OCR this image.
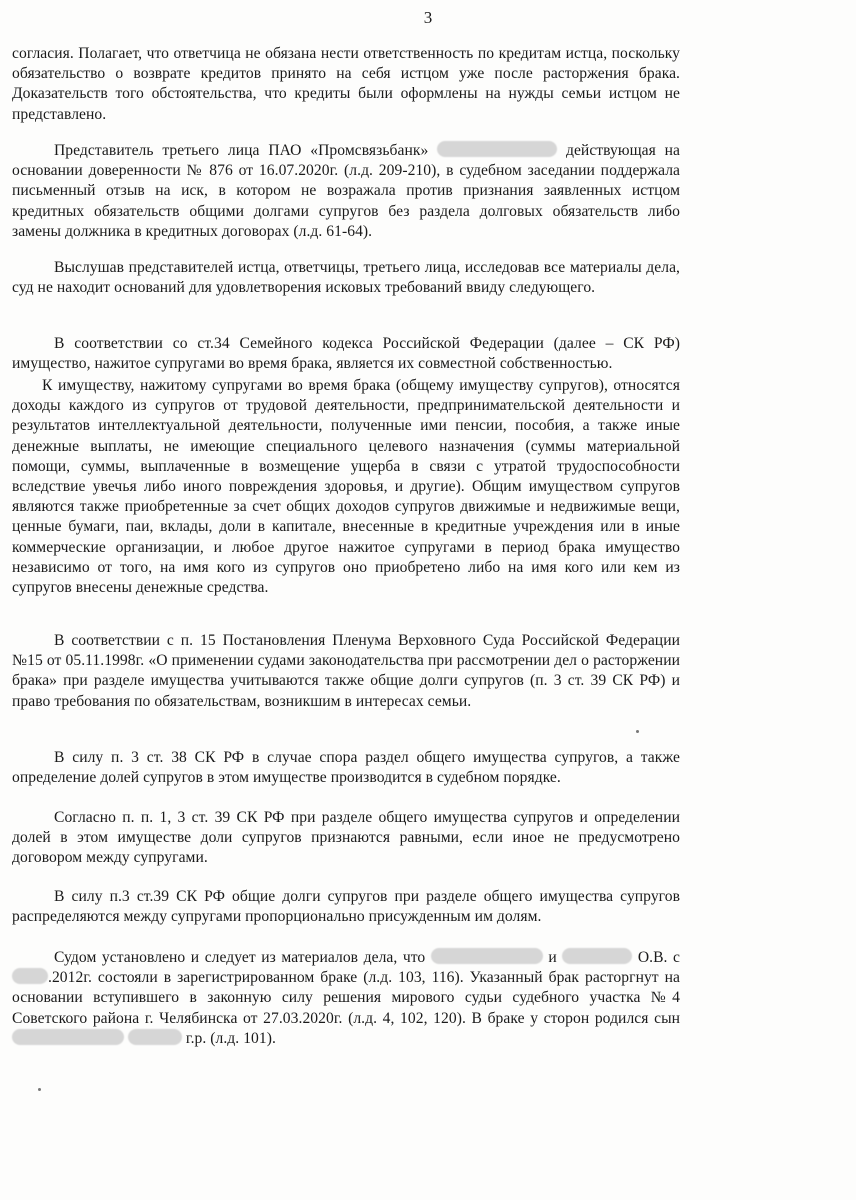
3

согласия. Полагает, что ответчица не обязана нести ответственность по кредитам истца, поскольку обязательство о возврате кредитов принято на себя истцом уже после расторжения брака. Доказательств того обстоятельства, что кредиты были оформлены на нужды семьи истцом не представлено.

Представитель третьего лица ПАО «Промсвязьбанк»	действующая на основании доверенности № 876 от 16.07.2020г. (л.д. 209-210), в судебном заседании поддержала письменный отзыв на иск, в котором не возражала против признания заявленных истцом кредитных обязательств общими долгами супругов без раздела долговых обязательств либо замены должника в кредитных договорах (л.д. 61-64).

Выслушав представителей истца, ответчицы, третьего лица, исследовав все материалы дела, суд не находит оснований для удовлетворения исковых требований ввиду следующего.

В соответствии со ст.34 Семейного кодекса Российской Федерации (далее – СК РФ) имущество, нажитое супругами во время брака, является их совместной собственностью.

К имуществу, нажитому супругами во время брака (общему имуществу супругов), относятся доходы каждого из супругов от трудовой деятельности, предпринимательской деятельности и результатов интеллектуальной деятельности, полученные ими пенсии, пособия, а также иные денежные выплаты, не имеющие специального целевого назначения (суммы материальной помощи, суммы, выплаченные в возмещение ущерба в связи с утратой трудоспособности вследствие увечья либо иного повреждения здоровья, и другие). Общим имуществом супругов являются также приобретенные за счет общих доходов супругов движимые и недвижимые вещи, ценные бумаги, паи, вклады, доли в капитале, внесенные в кредитные учреждения или в иные коммерческие организации, и любое другое нажитое супругами в период брака имущество независимо от того, на имя кого из супругов оно приобретено либо на имя кого или кем из супругов внесены денежные средства.

В соответствии с п. 15 Постановления Пленума Верховного Суда Российской Федерации №15 от 05.11.1998г. «О применении судами законодательства при рассмотрении дел о расторжении брака» при разделе имущества учитываются также общие долги супругов (п. 3 ст. 39 СК РФ) и право требования по обязательствам, возникшим в интересах семьи.

В силу п. 3 ст. 38 СК РФ в случае спора раздел общего имущества супругов, а также определение долей супругов в этом имуществе производится в судебном порядке.

Согласно п. п. 1, 3 ст. 39 СК РФ при разделе общего имущества супругов и определении долей в этом имуществе доли супругов признаются равными, если иное не предусмотрено договором между супругами.

В силу п.3 ст.39 СК РФ общие долги супругов при разделе общего имущества супругов распределяются между супругами пропорционально присужденным им долям.

Судом установлено и следует из материалов дела, что	и	О.В. с.2012г. состояли в зарегистрированном браке (л.д. 103, 116). Указанный брак расторгнут на основании вступившего в законную силу решения мирового судьи судебного участка №4 Советского района г. Челябинска от 27.03.2020г. (л.д. 4, 102, 120). В браке у сторон родился сын   г.р. (л.д. 101).
